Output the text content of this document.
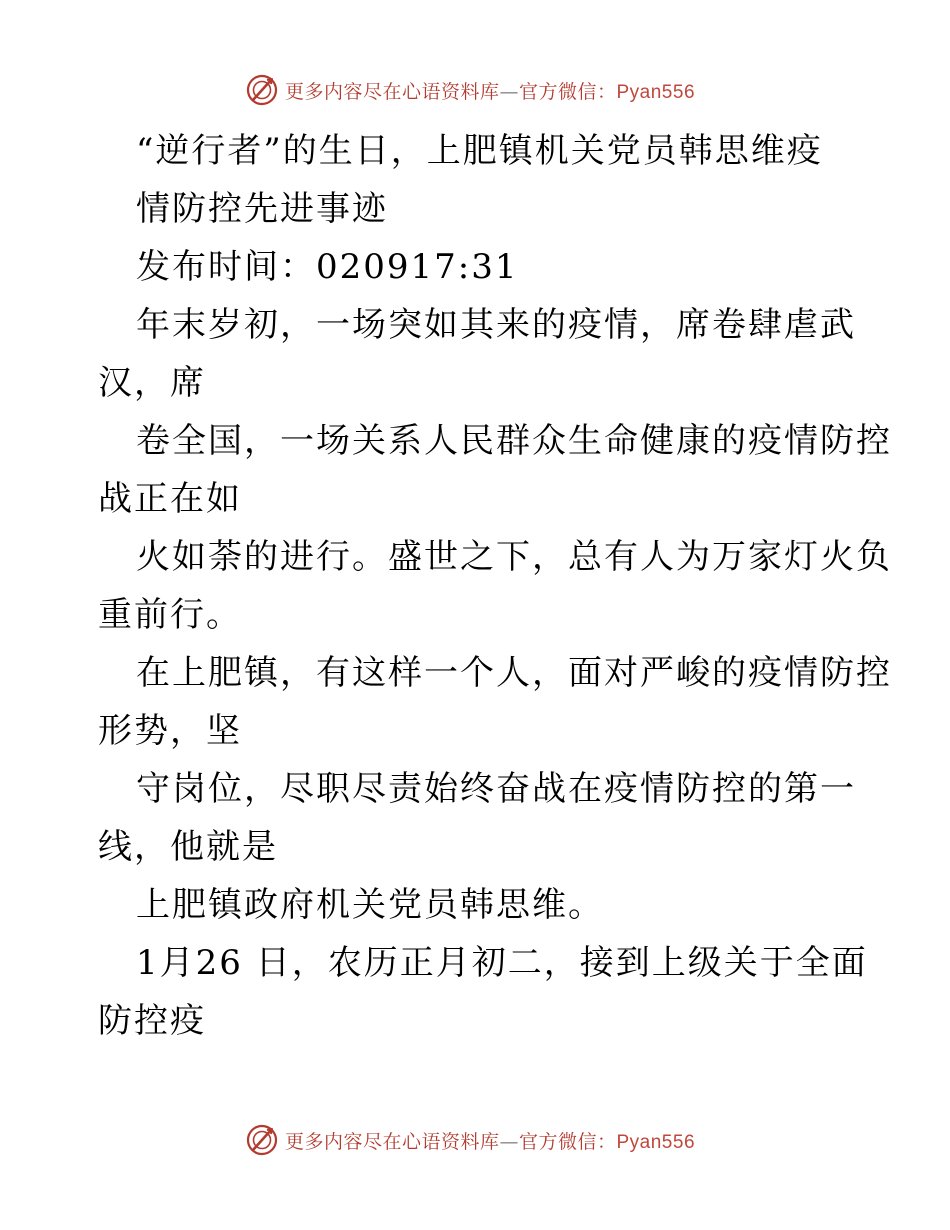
更多内容尽在心语资料库—官方微信：Pyan556
“逆行者”的生日，上肥镇机关党员韩思维疫
情防控先进事迹
发布时间：020917:31
年末岁初，一场突如其来的疫情，席卷肆虐武
汉，席
卷全国，一场关系人民群众生命健康的疫情防控
战正在如
火如荼的进行。盛世之下，总有人为万家灯火负
重前行。
在上肥镇，有这样一个人，面对严峻的疫情防控
形势，坚
守岗位，尽职尽责始终奋战在疫情防控的第一
线，他就是
上肥镇政府机关党员韩思维。
1月26 日，农历正月初二，接到上级关于全面
防控疫
更多内容尽在心语资料库—官方微信：Pyan556
